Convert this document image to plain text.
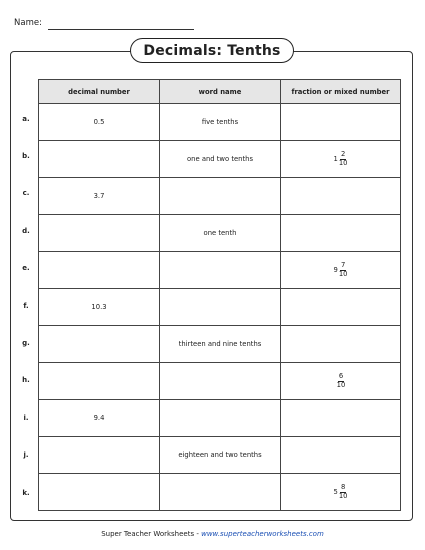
Name:
Decimals: Tenths
a.
b.
c.
d.
e.
f.
g.
h.
i.
j.
k.
decimal number	word name	fraction or mixed number
0.5	five tenths	
	one and two tenths	$1 \frac{2}{10}$

3.7		
	one tenth	

		$9 \frac{7}{10}$

10.3		
	thirteen and nine tenths	

		$\frac{6}{10}$

9.4		
	eighteen and two tenths	

		$5 \frac{8}{10}$
Super Teacher Worksheets - www.superteacherworksheets.com
